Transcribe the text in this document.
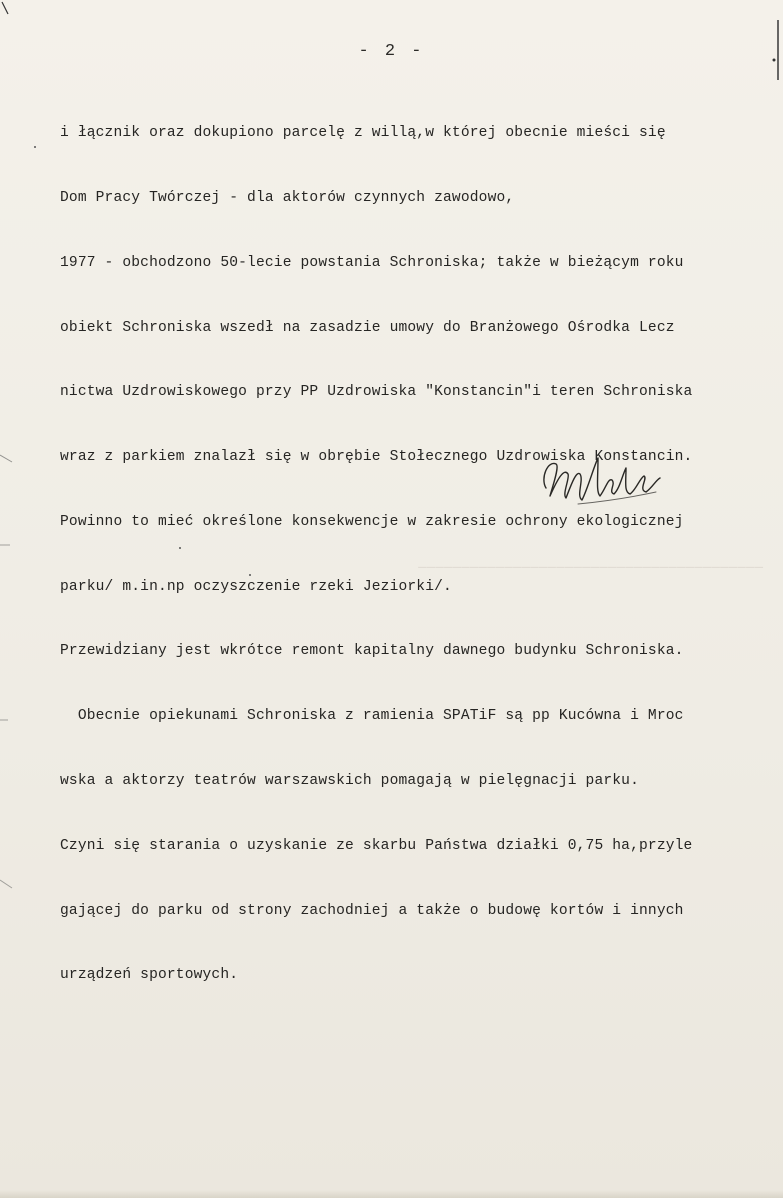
────────────────────────────────────────
- 2 -

i łącznik oraz dokupiono parcelę z willą,w której obecnie mieści się

Dom Pracy Twórczej - dla aktorów czynnych zawodowo,

1977 - obchodzono 50-lecie powstania Schroniska; także w bieżącym roku

obiekt Schroniska wszedł na zasadzie umowy do Branżowego Ośrodka Lecz

nictwa Uzdrowiskowego przy PP Uzdrowiska "Konstancin"i teren Schroniska

wraz z parkiem znalazł się w obrębie Stołecznego Uzdrowiska Konstancin.

Powinno to mieć określone konsekwencje w zakresie ochrony ekologicznej

parku/ m.in.np oczyszczenie rzeki Jeziorki/.

Przewidziany jest wkrótce remont kapitalny dawnego budynku Schroniska.

Obecnie opiekunami Schroniska z ramienia SPATiF są pp Kucówna i Mroc

wska a aktorzy teatrów warszawskich pomagają w pielęgnacji parku.

Czyni się starania o uzyskanie ze skarbu Państwa działki 0,75 ha,przyle

gającej do parku od strony zachodniej a także o budowę kortów i innych

urządzeń sportowych.
